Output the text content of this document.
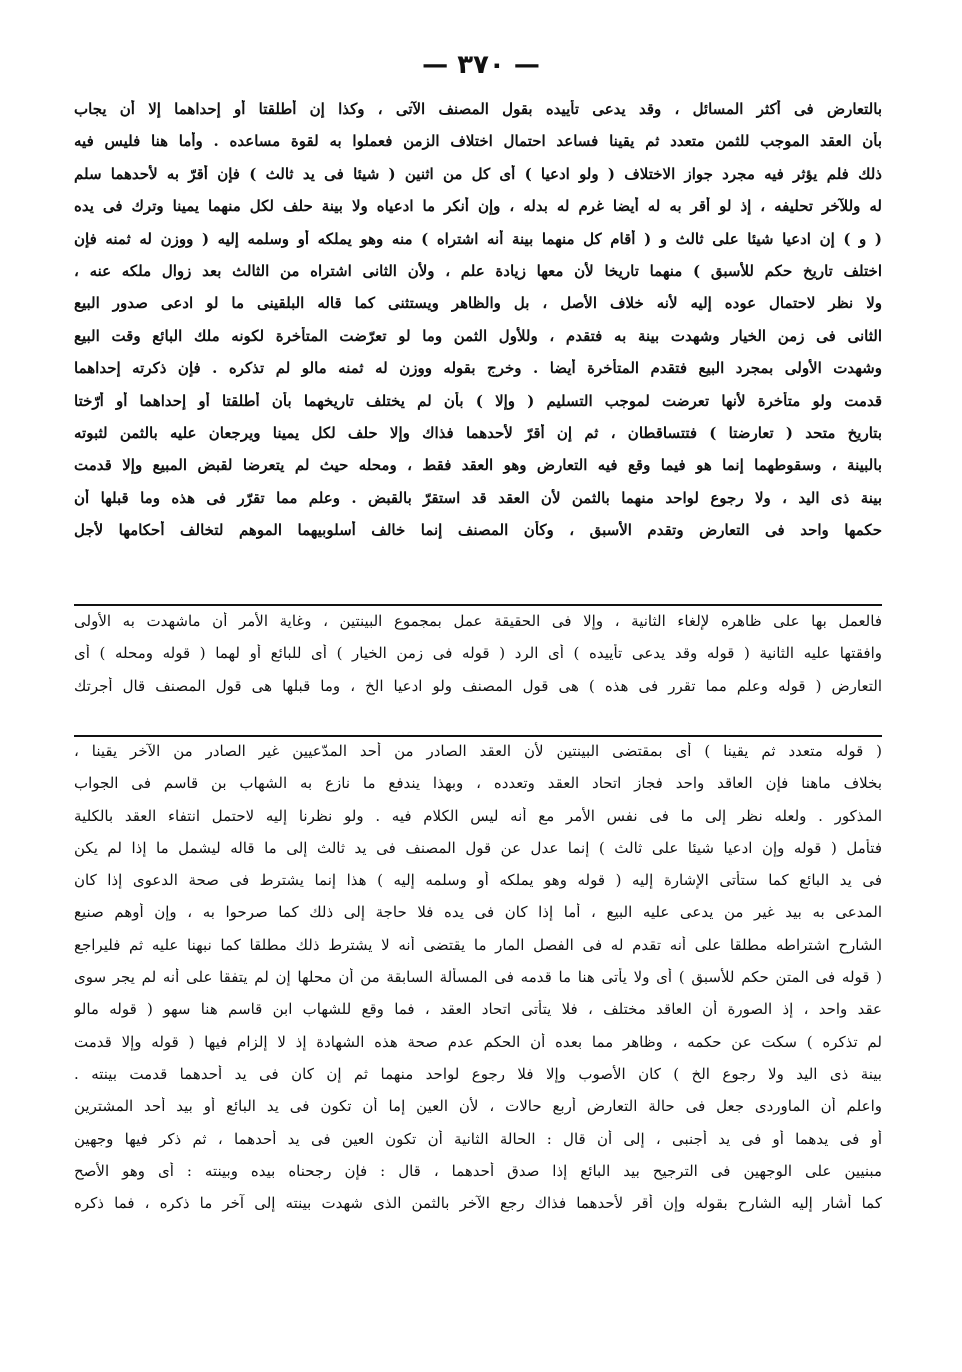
— ٣٧٠ —
بالتعارض فى أكثر المسائل ، وقد يدعى تأييده بقول المصنف الآتى ، وكذا إن أطلقتا أو إحداهما إلا أن يجاب
بأن العقد الموجب للثمن متعدد ثم يقينا فساعد احتمال اختلاف الزمن فعملوا به لقوة مساعده . وأما هنا فليس فيه
ذلك فلم يؤثر فيه مجرد جواز الاختلاف ( ولو ادعيا ) أى كل من اثنين ( شيئا فى يد ثالث ) فإن أقرّ به لأحدهما سلم
له وللآخر تحليفه ، إذ لو أقر به له أيضا غرم له بدله ، وإن أنكر ما ادعياه ولا بينة حلف لكل منهما يمينا وترك فى يده
( و ) إن ادعيا شيئا على ثالث و ( أقام كل منهما بينة أنه اشتراه ) منه وهو يملكه أو وسلمه إليه ( ووزن له ثمنه فإن
اختلف تاريخ حكم للأسبق ) منهما تاريخا لأن معها زيادة علم ، ولأن الثانى اشتراه من الثالث بعد زوال ملكه عنه ،
ولا نظر لاحتمال عوده إليه لأنه خلاف الأصل ، بل والظاهر ويستثنى كما قاله البلقينى ما لو ادعى صدور البيع
الثانى فى زمن الخيار وشهدت بينة به فتقدم ، وللأول الثمن وما لو تعرّضت المتأخرة لكونه ملك البائع وقت البيع
وشهدت الأولى بمجرد البيع فتقدم المتأخرة أيضا . وخرج بقوله ووزن له ثمنه مالو لم تذكره . فإن ذكرته إحداهما
قدمت ولو متأخرة لأنها تعرضت لموجب التسليم ( وإلا ) بأن لم يختلف تاريخهما بأن أطلقتا أو إحداهما أو أرّختا
بتاريخ متحد ( تعارضتا ) فتتساقطان ، ثم إن أقرّ لأحدهما فذاك وإلا حلف لكل يمينا ويرجعان عليه بالثمن لثبوته
بالبينة ، وسقوطهما إنما هو فيما وقع فيه التعارض وهو العقد فقط ، ومحله حيث لم يتعرضا لقبض المبيع وإلا قدمت
بينة ذى اليد ، ولا رجوع لواحد منهما بالثمن لأن العقد قد استقرّ بالقبض . وعلم مما تقرّر فى هذه وما قبلها أن
حكمها واحد فى التعارض وتقدم الأسبق ، وكأن المصنف إنما خالف أسلوبيهما الموهم لتخالف أحكامها لأجل
فالعمل بها على ظاهره لإلغاء الثانية ، وإلا فى الحقيقة عمل بمجموع البينتين ، وغاية الأمر أن ماشهدت به الأولى
وافقتها عليه الثانية ( قوله وقد يدعى تأييده ) أى الرد ( قوله فى زمن الخيار ) أى للبائع أو لهما ( قوله ومحله ) أى
التعارض ( قوله وعلم مما تقرر فى هذه ) هى قول المصنف ولو ادعيا الخ ، وما قبلها هى قول المصنف قال أجرتك
( قوله متعدد ثم يقينا ) أى بمقتضى البينتين لأن العقد الصادر من أحد المدّعيين غير الصادر من الآخر يقينا ،
بخلاف ماهنا فإن العاقد واحد فجاز اتحاد العقد وتعدده ، وبهذا يندفع ما نازع به الشهاب بن قاسم فى الجواب
المذكور . ولعله نظر إلى ما فى نفس الأمر مع أنه ليس الكلام فيه . ولو نظرنا إليه لاحتمل انتفاء العقد بالكلية
فتأمل ( قوله وإن ادعيا شيئا على ثالث ) إنما عدل عن قول المصنف فى يد ثالث إلى ما قاله ليشمل ما إذا لم يكن
فى يد البائع كما ستأتى الإشارة إليه ( قوله وهو يملكه أو وسلمه إليه ) هذا إنما يشترط فى صحة الدعوى إذا كان
المدعى به بيد غير من يدعى عليه البيع ، أما إذا كان فى يده فلا حاجة إلى ذلك كما صرحوا به ، وإن أوهم صنيع
الشارح اشتراطه مطلقا على أنه تقدم له فى الفصل المار ما يقتضى أنه لا يشترط ذلك مطلقا كما نبهنا عليه ثم فليراجع
( قوله فى المتن حكم للأسبق ) أى ولا يأتى هنا ما قدمه فى المسألة السابقة من أن محلها إن لم يتفقا على أنه لم يجر سوى
عقد واحد ، إذ الصورة أن العاقد مختلف ، فلا يتأتى اتحاد العقد ، فما وقع للشهاب ابن قاسم هنا سهو ( قوله مالو
لم تذكره ) سكت عن حكمه ، وظاهر مما بعده أن الحكم عدم صحة هذه الشهادة إذ لا إلزام فيها ( قوله وإلا قدمت
بينة ذى اليد ولا رجوع الخ ) كان الأصوب وإلا فلا رجوع لواحد منهما ثم إن كان فى يد أحدهما قدمت بينته .
واعلم أن الماوردى جعل فى حالة التعارض أربع حالات ، لأن العين إما أن تكون فى يد البائع أو بيد أحد المشترين
أو فى يدهما أو فى يد أجنبى ، إلى أن قال : الحالة الثانية أن تكون العين فى يد أحدهما ، ثم ذكر فيها وجهين
مبنيين على الوجهين فى الترجيح بيد البائع إذا صدق أحدهما ، قال : فإن رجحناه بيده وبينته : أى وهو الأصح
كما أشار إليه الشارح بقوله وإن أقر لأحدهما فذاك رجع الآخر بالثمن الذى شهدت بينته إلى آخر ما ذكره ، فما ذكره
